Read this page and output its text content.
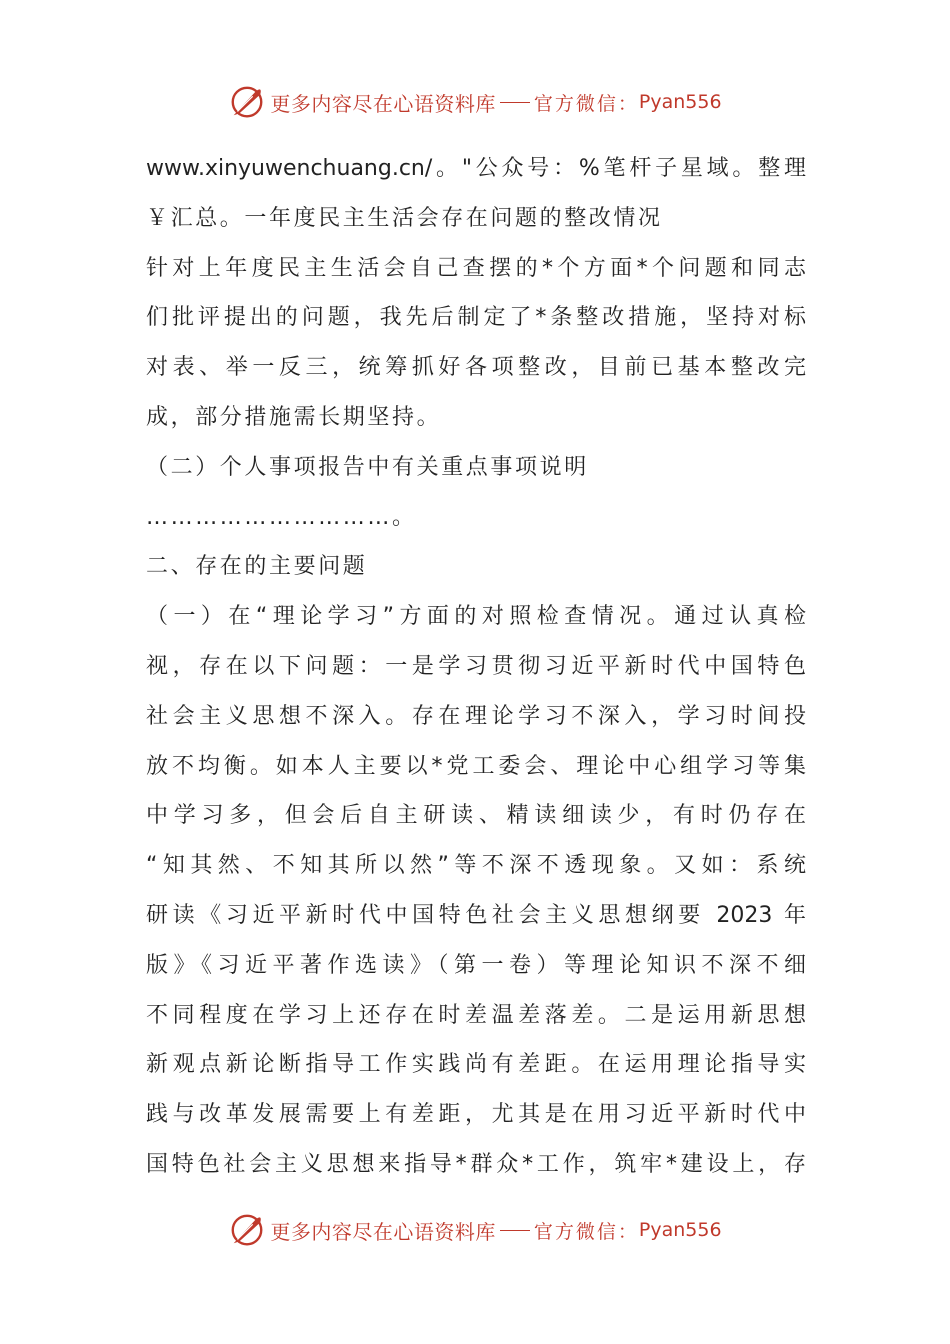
更多内容尽在心语资料库 官方微信： Pyan556
www.xinyuwenchuang.cn/。"公众号：%笔杆子星域。整理
￥汇总。一年度民主生活会存在问题的整改情况
针对上年度民主生活会自己查摆的*个方面*个问题和同志
们批评提出的问题，我先后制定了*条整改措施，坚持对标
对表、举一反三，统筹抓好各项整改，目前已基本整改完
成，部分措施需长期坚持。
（二）个人事项报告中有关重点事项说明
…………………………。
二、存在的主要问题
（一）在“理论学习”方面的对照检查情况。通过认真检
视，存在以下问题：一是学习贯彻习近平新时代中国特色
社会主义思想不深入。存在理论学习不深入，学习时间投
放不均衡。如本人主要以*党工委会、理论中心组学习等集
中学习多，但会后自主研读、精读细读少，有时仍存在
“知其然、不知其所以然”等不深不透现象。又如：系统
研读《习近平新时代中国特色社会主义思想纲要 2023 年
版》《习近平著作选读》（第一卷）等理论知识不深不细
不同程度在学习上还存在时差温差落差。二是运用新思想
新观点新论断指导工作实践尚有差距。在运用理论指导实
践与改革发展需要上有差距，尤其是在用习近平新时代中
国特色社会主义思想来指导*群众*工作，筑牢*建设上，存
更多内容尽在心语资料库 官方微信： Pyan556
